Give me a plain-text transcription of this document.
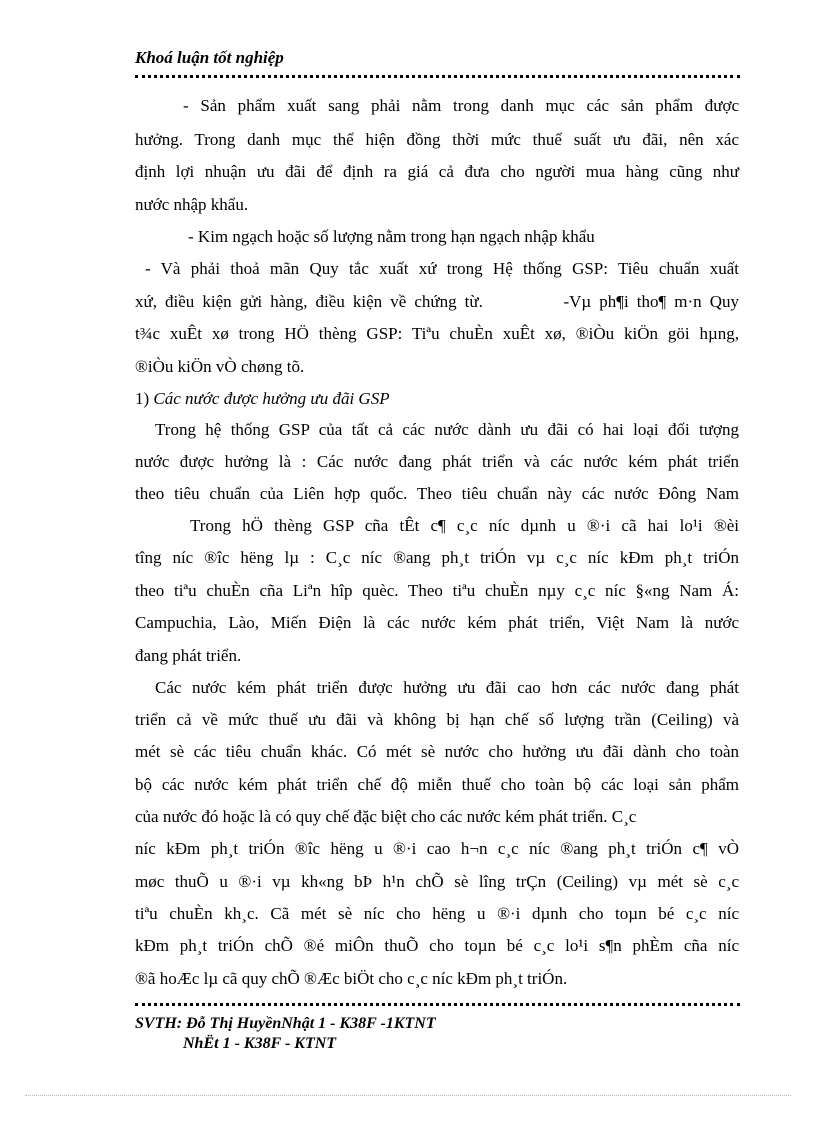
Khoá luận tốt nghiệp
- Sản phẩm xuất sang phải nằm trong danh mục các sản phẩm được
hưởng. Trong danh mục thể hiện đồng thời mức thuế suất ưu đãi, nên xác
định lợi nhuận ưu đãi để định ra giá cả đưa cho người mua hàng cũng như
nước nhập khẩu.
- Kim ngạch hoặc số lượng nằm trong hạn ngạch nhập khẩu
- Và phải thoả mãn Quy tắc xuất xứ trong Hệ thống GSP: Tiêu chuẩn xuất
xứ, điều kiện gửi hàng, điều kiện về chứng từ.          -Vµ ph¶i tho¶ m·n Quy
t¾c xuÊt xø trong HÖ thèng GSP: Tiªu chuÈn xuÊt xø, ®iÒu kiÖn göi hµng,
®iÒu kiÖn vÒ chøng tõ.
1) Các nước được hưởng ưu đãi GSP
Trong hệ thống GSP của tất cả các nước dành ưu đãi có hai loại đối tượng
nước được hưởng là : Các nước đang phát triển và các nước kém phát triển
theo tiêu chuẩn của Liên hợp quốc. Theo tiêu chuẩn này các nước Đông Nam
Trong hÖ thèng GSP cña tÊt c¶ c¸c níc dµnh u ®·i cã hai lo¹i ®èi
tîng níc ®îc hëng lµ : C¸c níc ®ang ph¸t triÓn vµ c¸c níc kÐm ph¸t triÓn
theo tiªu chuÈn cña Liªn hîp quèc. Theo tiªu chuÈn nµy c¸c níc §«ng Nam Á:
Campuchia, Lào, Miến Điện là các nước kém phát triển, Việt Nam là nước
đang phát triển.
Các nước kém phát triển được hưởng ưu đãi cao hơn các nước đang phát
triển cả về mức thuế ưu đãi và không bị hạn chế số lượng trần (Ceiling) và
mét sè các tiêu chuẩn khác. Có mét sè nước cho hưởng ưu đãi dành cho toàn
bộ các nước kém phát triển chế độ miễn thuế cho toàn bộ các loại sản phẩm
của nước đó hoặc là có quy chế đặc biệt cho các nước kém phát triển. C¸c
níc kÐm ph¸t triÓn ®îc hëng u ®·i cao h¬n c¸c níc ®ang ph¸t triÓn c¶ vÒ
møc thuÕ u ®·i vµ kh«ng bÞ h¹n chÕ sè lîng trÇn (Ceiling) vµ mét sè c¸c
tiªu chuÈn kh¸c. Cã mét sè níc cho hëng u ®·i dµnh cho toµn bé c¸c níc
kÐm ph¸t triÓn chÕ ®é miÔn thuÕ cho toµn bé c¸c lo¹i s¶n phÈm cña níc
®ã hoÆc lµ cã quy chÕ ®Æc biÖt cho c¸c níc kÐm ph¸t triÓn.
SVTH: Đỗ Thị HuyềnNhật 1 - K38F -1KTNT
NhËt 1 - K38F - KTNT
